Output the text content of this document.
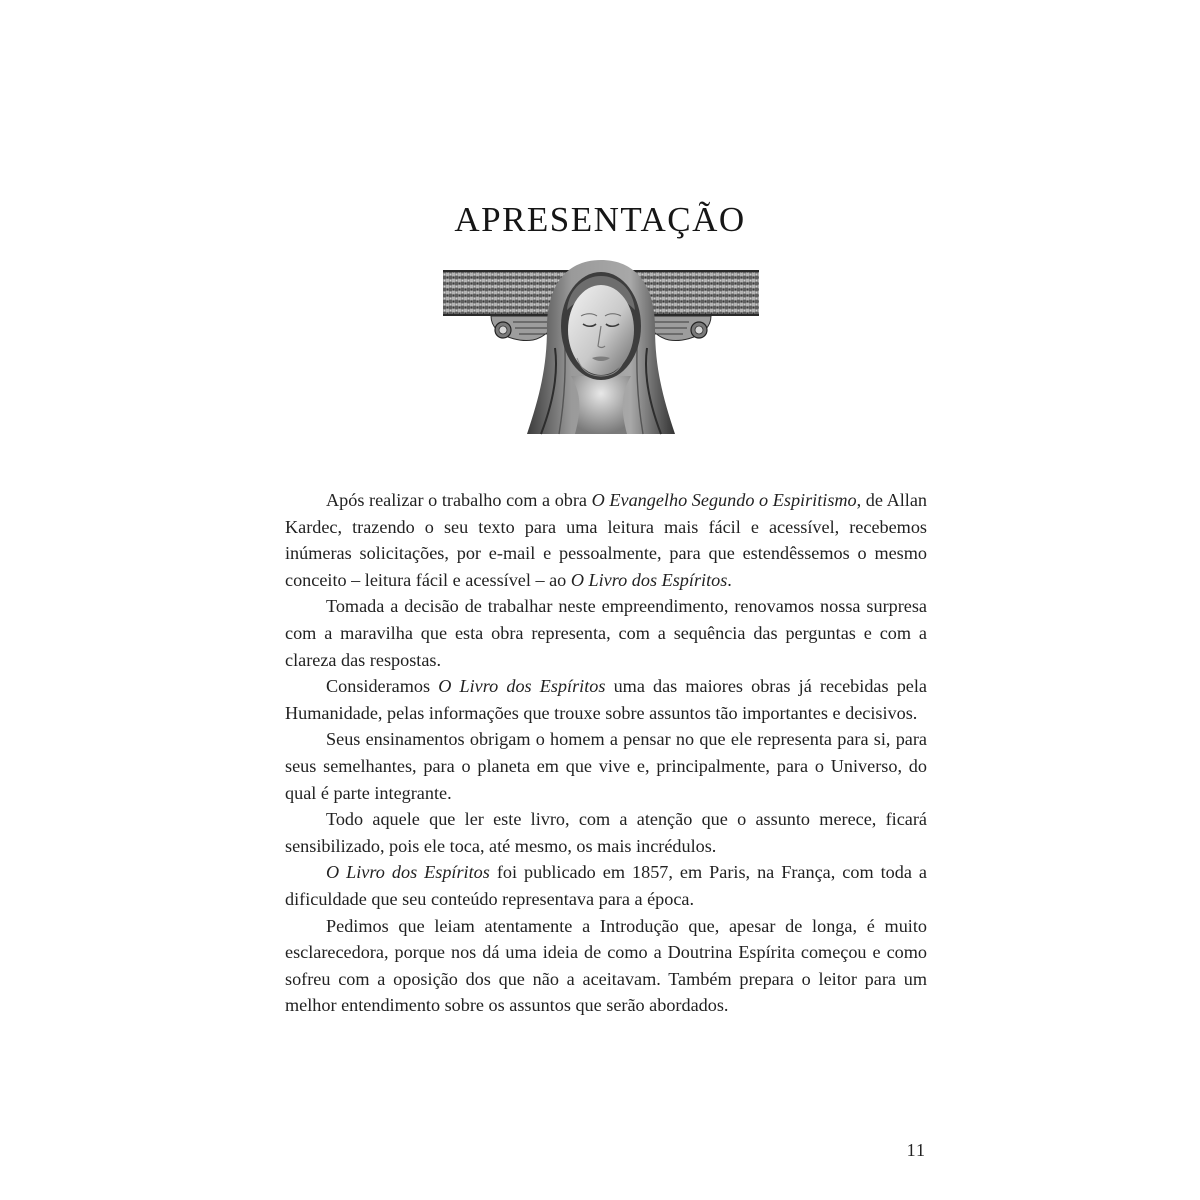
APRESENTAÇÃO

Após realizar o trabalho com a obra O Evangelho Segundo o Espiritismo, de Allan Kardec, trazendo o seu texto para uma leitura mais fácil e acessível, recebemos inúmeras solicitações, por e-mail e pessoalmente, para que estendêssemos o mesmo conceito – leitura fácil e acessível – ao O Livro dos Espíritos.

Tomada a decisão de trabalhar neste empreendimento, renovamos nossa surpresa com a maravilha que esta obra representa, com a sequência das perguntas e com a clareza das respostas.

Consideramos O Livro dos Espíritos uma das maiores obras já recebidas pela Humanidade, pelas informações que trouxe sobre assuntos tão importantes e decisivos.

Seus ensinamentos obrigam o homem a pensar no que ele representa para si, para seus semelhantes, para o planeta em que vive e, principalmente, para o Universo, do qual é parte integrante.

Todo aquele que ler este livro, com a atenção que o assunto merece, ficará sensibilizado, pois ele toca, até mesmo, os mais incrédulos.

O Livro dos Espíritos foi publicado em 1857, em Paris, na França, com toda a dificuldade que seu conteúdo representava para a época.

Pedimos que leiam atentamente a Introdução que, apesar de longa, é muito esclarecedora, porque nos dá uma ideia de como a Doutrina Espírita começou e como sofreu com a oposição dos que não a aceitavam. Também prepara o leitor para um melhor entendimento sobre os assuntos que serão abordados.

11
